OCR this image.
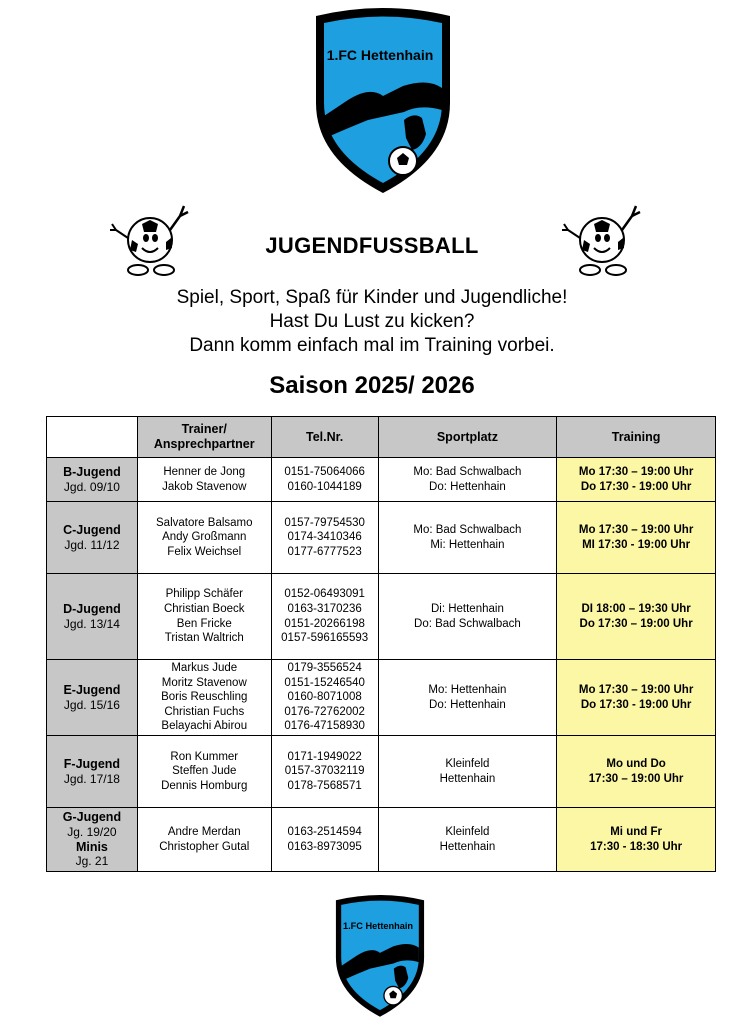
1.FC Hettenhain
1978 e.V.
JUGENDFUSSBALL
Spiel, Sport, Spaß für Kinder und Jugendliche!
Hast Du Lust zu kicken?
Dann komm einfach mal im Training vorbei.
Saison 2025/ 2026

	Trainer/
Ansprechpartner	Tel.Nr.	Sportplatz	Training

B-Jugend
Jgd. 09/10	Henner de Jong
Jakob Stavenow	0151-75064066
0160-1044189	Mo: Bad Schwalbach
Do: Hettenhain	Mo 17:30 – 19:00 Uhr
Do 17:30 - 19:00 Uhr

C-Jugend
Jgd. 11/12	Salvatore Balsamo
Andy Großmann
Felix Weichsel	0157-79754530
0174-3410346
0177-6777523	Mo: Bad Schwalbach
Mi: Hettenhain	Mo 17:30 – 19:00 Uhr
MI 17:30 - 19:00 Uhr

D-Jugend
Jgd. 13/14	Philipp Schäfer
Christian Boeck
Ben Fricke
Tristan Waltrich	0152-06493091
0163-3170236
0151-20266198
0157-596165593	Di: Hettenhain
Do: Bad Schwalbach	DI 18:00 – 19:30 Uhr
Do 17:30 – 19:00 Uhr

E-Jugend
Jgd. 15/16	Markus Jude
Moritz Stavenow
Boris Reuschling
Christian Fuchs
Belayachi Abirou	0179-3556524
0151-15246540
0160-8071008
0176-72762002
0176-47158930	Mo: Hettenhain
Do: Hettenhain	Mo 17:30 – 19:00 Uhr
Do 17:30 - 19:00 Uhr

F-Jugend
Jgd. 17/18	Ron Kummer
Steffen Jude
Dennis Homburg	0171-1949022
0157-37032119
0178-7568571	Kleinfeld
Hettenhain	Mo und Do
17:30 – 19:00 Uhr

G-Jugend
Jg. 19/20
Minis
Jg. 21	Andre Merdan
Christopher Gutal	0163-2514594
0163-8973095	Kleinfeld
Hettenhain	Mi und Fr
17:30 - 18:30 Uhr
1.FC Hettenhain
1978 e.V.
